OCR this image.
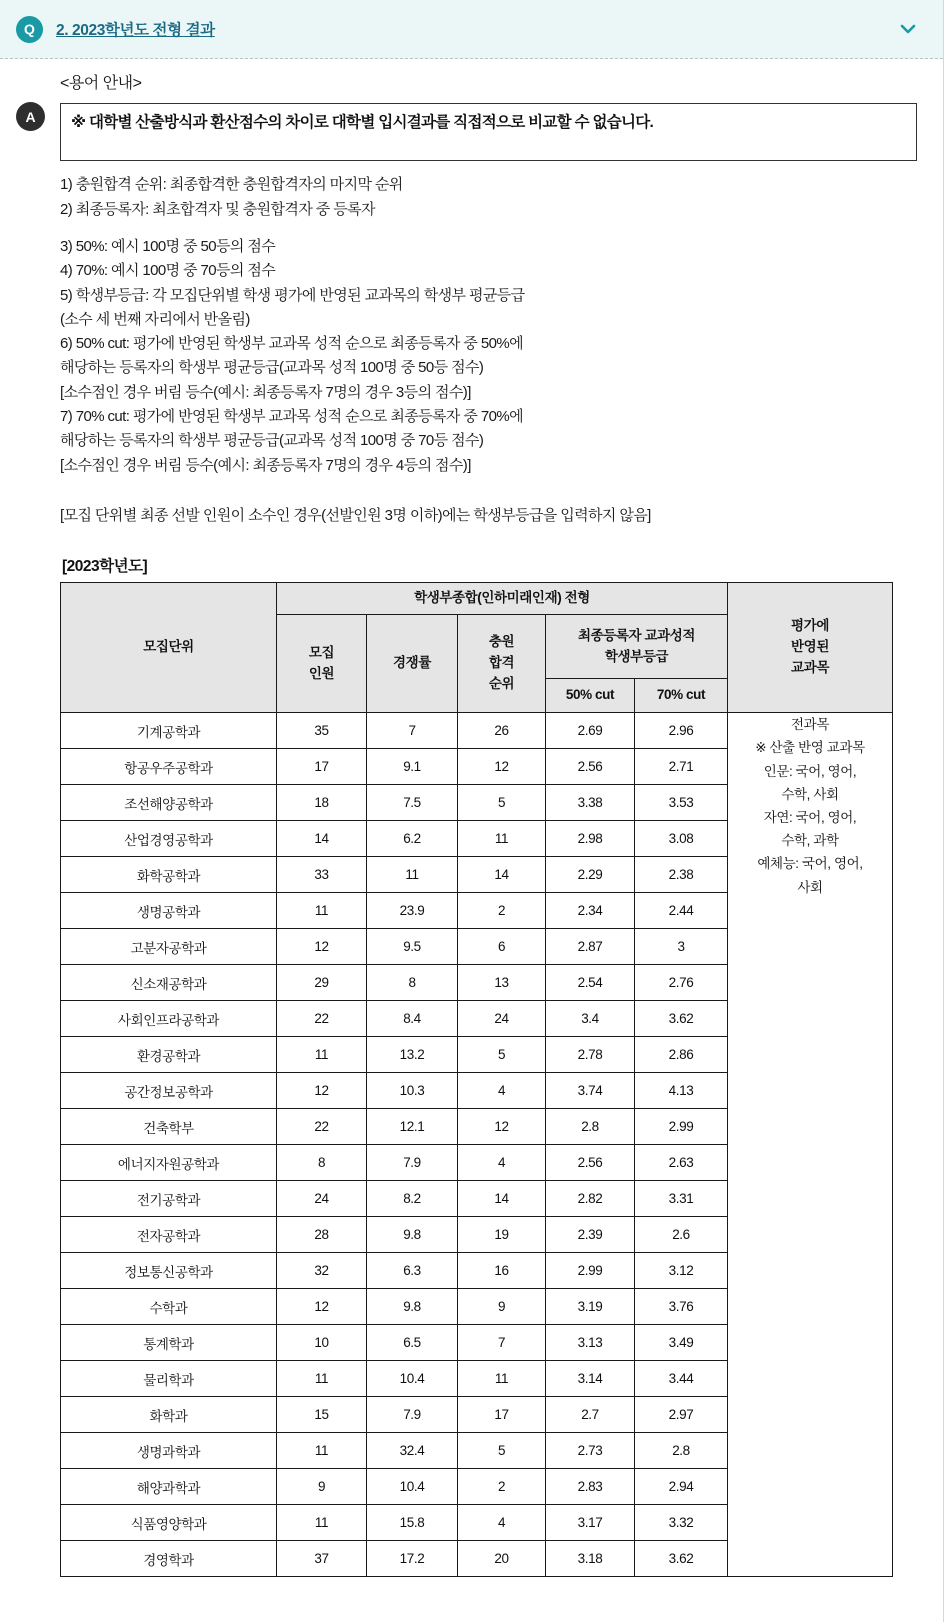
Q	2. 2023학년도 전형 결과
A
<용어 안내>
※ 대학별 산출방식과 환산점수의 차이로 대학별 입시결과를 직접적으로 비교할 수 없습니다.
1) 충원합격 순위: 최종합격한 충원합격자의 마지막 순위
2) 최종등록자: 최초합격자 및 충원합격자 중 등록자
3) 50%: 예시 100명 중 50등의 점수
4) 70%: 예시 100명 중 70등의 점수
5) 학생부등급: 각 모집단위별 학생 평가에 반영된 교과목의 학생부 평균등급
(소수 세 번째 자리에서 반올림)
6) 50% cut: 평가에 반영된 학생부 교과목 성적 순으로 최종등록자 중 50%에
해당하는 등록자의 학생부 평균등급(교과목 성적 100명 중 50등 점수)
[소수점인 경우 버림 등수(예시: 최종등록자 7명의 경우 3등의 점수)]
7) 70% cut: 평가에 반영된 학생부 교과목 성적 순으로 최종등록자 중 70%에
해당하는 등록자의 학생부 평균등급(교과목 성적 100명 중 70등 점수)
[소수점인 경우 버림 등수(예시: 최종등록자 7명의 경우 4등의 점수)]
[모집 단위별 최종 선발 인원이 소수인 경우(선발인원 3명 이하)에는 학생부등급을 입력하지 않음]
[2023학년도]
모집단위	학생부종합(인하미래인재) 전형					평가에
반영된
교과목

	모집
인원	경쟁률	충원
합격
순위	최종등록자 교과성적
학생부등급		

				50% cut	70% cut	
기계공학과	35	7	26	2.69	2.96	전과목
※ 산출 반영 교과목
인문: 국어, 영어,
수학, 사회
자연: 국어, 영어,
수학, 과학
예체능: 국어, 영어,
사회

항공우주공학과	17	9.1	12	2.56	2.71	
조선해양공학과	18	7.5	5	3.38	3.53	
산업경영공학과	14	6.2	11	2.98	3.08	
화학공학과	33	11	14	2.29	2.38	
생명공학과	11	23.9	2	2.34	2.44	
고분자공학과	12	9.5	6	2.87	3	
신소재공학과	29	8	13	2.54	2.76	
사회인프라공학과	22	8.4	24	3.4	3.62	
환경공학과	11	13.2	5	2.78	2.86	
공간정보공학과	12	10.3	4	3.74	4.13	
건축학부	22	12.1	12	2.8	2.99	
에너지자원공학과	8	7.9	4	2.56	2.63	
전기공학과	24	8.2	14	2.82	3.31	
전자공학과	28	9.8	19	2.39	2.6	
정보통신공학과	32	6.3	16	2.99	3.12	
수학과	12	9.8	9	3.19	3.76	
통계학과	10	6.5	7	3.13	3.49	
물리학과	11	10.4	11	3.14	3.44	
화학과	15	7.9	17	2.7	2.97	
생명과학과	11	32.4	5	2.73	2.8	
해양과학과	9	10.4	2	2.83	2.94	
식품영양학과	11	15.8	4	3.17	3.32	
경영학과	37	17.2	20	3.18	3.62	
